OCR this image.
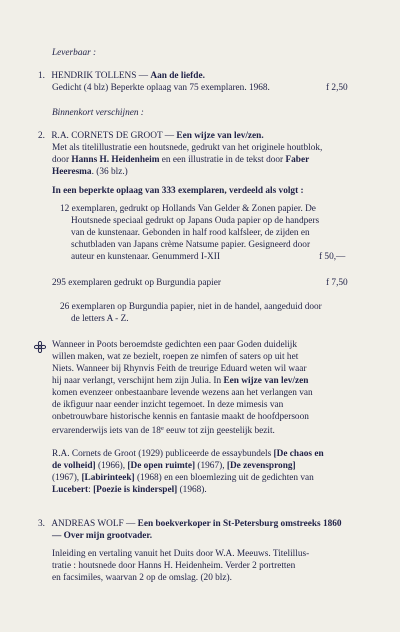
Leverbaar :
1. HENDRIK TOLLENS — Aan de liefde.
Gedicht (4 blz) Beperkte oplaag van 75 exemplaren. 1968.	f 2,50
Binnenkort verschijnen :
2. R.A. CORNETS DE GROOT — Een wijze van lev/zen.
Met als titelillustratie een houtsnede, gedrukt van het originele houtblok,
door Hanns H. Heidenheim en een illustratie in de tekst door Faber
Heeresma. (36 blz.)
In een beperkte oplaag van 333 exemplaren, verdeeld als volgt :
12 exemplaren, gedrukt op Hollands Van Gelder & Zonen papier. De
Houtsnede speciaal gedrukt op Japans Ouda papier op de handpers
van de kunstenaar. Gebonden in half rood kalfsleer, de zijden en
schutbladen van Japans crème Natsume papier. Gesigneerd door
auteur en kunstenaar. Genummerd I-XII	f 50,—
295 exemplaren gedrukt op Burgundia papier	f 7,50
26 exemplaren op Burgundia papier, niet in de handel, aangeduid door
de letters A - Z.
Wanneer in Poots beroemdste gedichten een paar Goden duidelijk
willen maken, wat ze bezielt, roepen ze nimfen of saters op uit het
Niets. Wanneer bij Rhynvis Feith de treurige Eduard weten wil waar
hij naar verlangt, verschijnt hem zijn Julia. In Een wijze van lev/zen
komen evenzeer onbestaanbare levende wezens aan het verlangen van
de ikfiguur naar eender inzicht tegemoet. In deze mimesis van
onbetrouwbare historische kennis en fantasie maakt de hoofdpersoon
ervarenderwijs iets van de 18e eeuw tot zijn geestelijk bezit.
R.A. Cornets de Groot (1929) publiceerde de essaybundels [De chaos en
de volheid] (1966), [De open ruimte] (1967), [De zevensprong]
(1967), [Labirinteek] (1968) en een bloemlezing uit de gedichten van
Lucebert: [Poezie is kinderspel] (1968).
3. ANDREAS WOLF — Een boekverkoper in St-Petersburg omstreeks 1860
— Over mijn grootvader.
Inleiding en vertaling vanuit het Duits door W.A. Meeuws. Titelillus-
tratie : houtsnede door Hanns H. Heidenheim. Verder 2 portretten
en facsimiles, waarvan 2 op de omslag. (20 blz).
